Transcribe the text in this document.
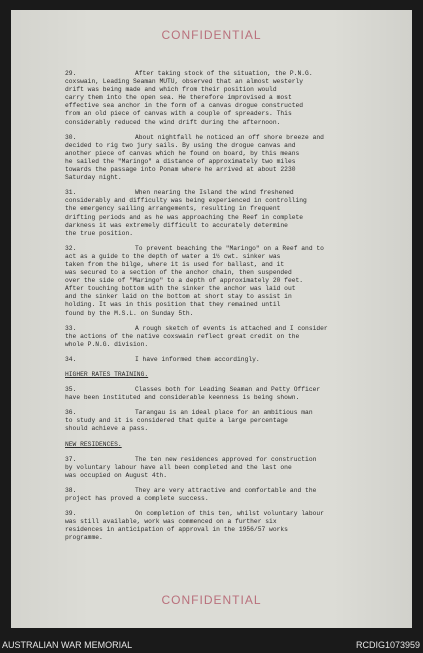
CONFIDENTIAL
29.	After taking stock of the situation, the P.N.G.
coxswain, Leading Seaman MUTU, observed that an almost westerly
drift was being made and which from their position would
carry them into the open sea. He therefore improvised a most
effective sea anchor in the form of a canvas drogue constructed
from an old piece of canvas with a couple of spreaders. This
considerably reduced the wind drift during the afternoon.
30.	About nightfall he noticed an off shore breeze and
decided to rig two jury sails. By using the drogue canvas and
another piece of canvas which he found on board, by this means
he sailed the "Maringo" a distance of approximately two miles
towards the passage into Ponam where he arrived at about 2230
Saturday night.
31.	When nearing the Island the wind freshened
considerably and difficulty was being experienced in controlling
the emergency sailing arrangements, resulting in frequent
drifting periods and as he was approaching the Reef in complete
darkness it was extremely difficult to accurately determine
the true position.
32.	To prevent beaching the "Maringo" on a Reef and to
act as a guide to the depth of water a 1½ cwt. sinker was
taken from the bilge, where it is used for ballast, and it
was secured to a section of the anchor chain, then suspended
over the side of "Maringo" to a depth of approximately 20 feet.
After touching bottom with the sinker the anchor was laid out
and the sinker laid on the bottom at short stay to assist in
holding. It was in this position that they remained until
found by the M.S.L. on Sunday 5th.
33.	A rough sketch of events is attached and I consider
the actions of the native coxswain reflect great credit on the
whole P.N.G. division.
34.	I have informed them accordingly.
HIGHER RATES TRAINING.
35.	Classes both for Leading Seaman and Petty Officer
have been instituted and considerable keenness is being shown.
36.	Tarangau is an ideal place for an ambitious man
to study and it is considered that quite a large percentage
should achieve a pass.
NEW RESIDENCES.
37.	The ten new residences approved for construction
by voluntary labour have all been completed and the last one
was occupied on August 4th.
38.	They are very attractive and comfortable and the
project has proved a complete success.
39.	On completion of this ten, whilst voluntary labour
was still available, work was commenced on a further six
residences in anticipation of approval in the 1956/57 works
programme.
CONFIDENTIAL
AUSTRALIAN WAR MEMORIAL	RCDIG1073959
